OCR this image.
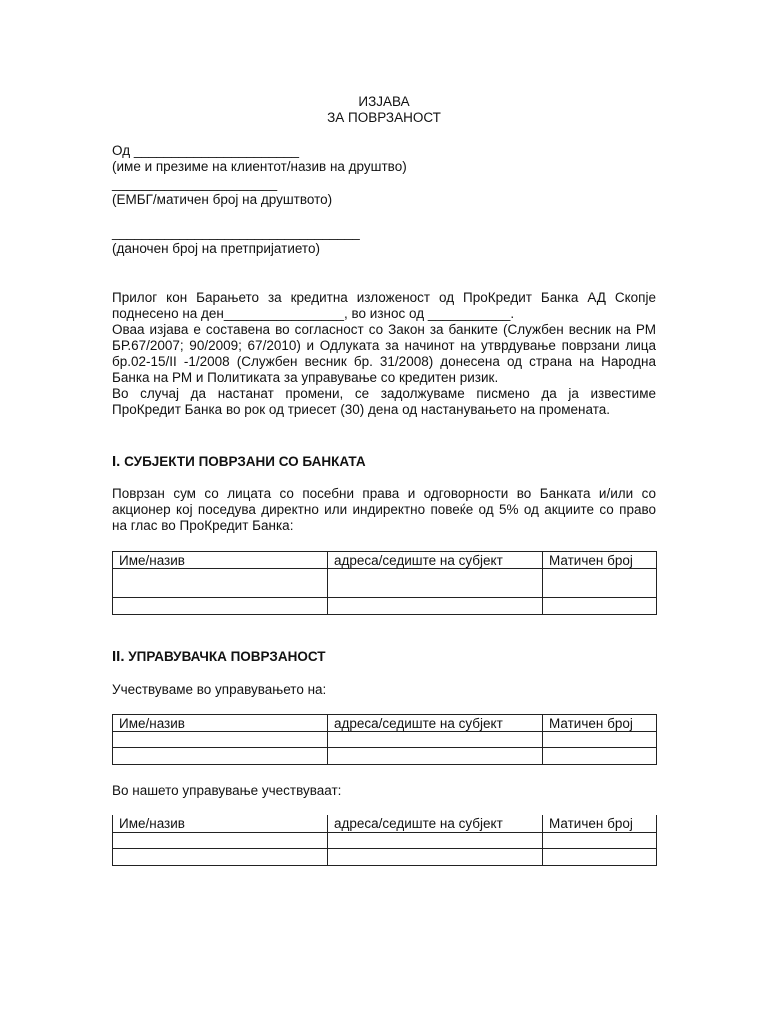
ИЗЈАВА
ЗА ПОВРЗАНОСТ
Од ______________________
(име и презиме на клиентот/назив на друштво)
______________________
(ЕМБГ/матичен број на друштвото)
_________________________________
(даночен број на претпријатието)
Прилог кон Барањето за кредитна изложеност од ПроКредит Банка АД Скопје
поднесено на ден________________, во износ од ___________.
Оваа изјава е составена во согласност со Закон за банките (Службен весник на РМ
БР.67/2007; 90/2009; 67/2010) и Одлуката за начинот на утврдување поврзани лица
бр.02-15/II -1/2008 (Службен весник бр. 31/2008) донесена од страна на Народна
Банка на РМ и Политиката за управување со кредитен ризик.
Во случај да настанат промени, се задолжуваме писмено да ја известиме
ПроКредит Банка во рок од триесет (30) дена од настанувањето на промената.
I. СУБЈЕКТИ ПОВРЗАНИ СО БАНКАТА
Поврзан сум со лицата со посебни права и одговорности во Банката и/или со
акционер кој поседува директно или индиректно повеќе од 5% од акциите со право
на глас во ПроКредит Банка:
Име/назив	адреса/седиште на субјект	Матичен број

II. УПРАВУВАЧКА ПОВРЗАНОСТ
Учествуваме во управувањето на:
Име/назив	адреса/седиште на субјект	Матичен број

Во нашето управување учествуваат:
Име/назив	адреса/седиште на субјект	Матичен број
